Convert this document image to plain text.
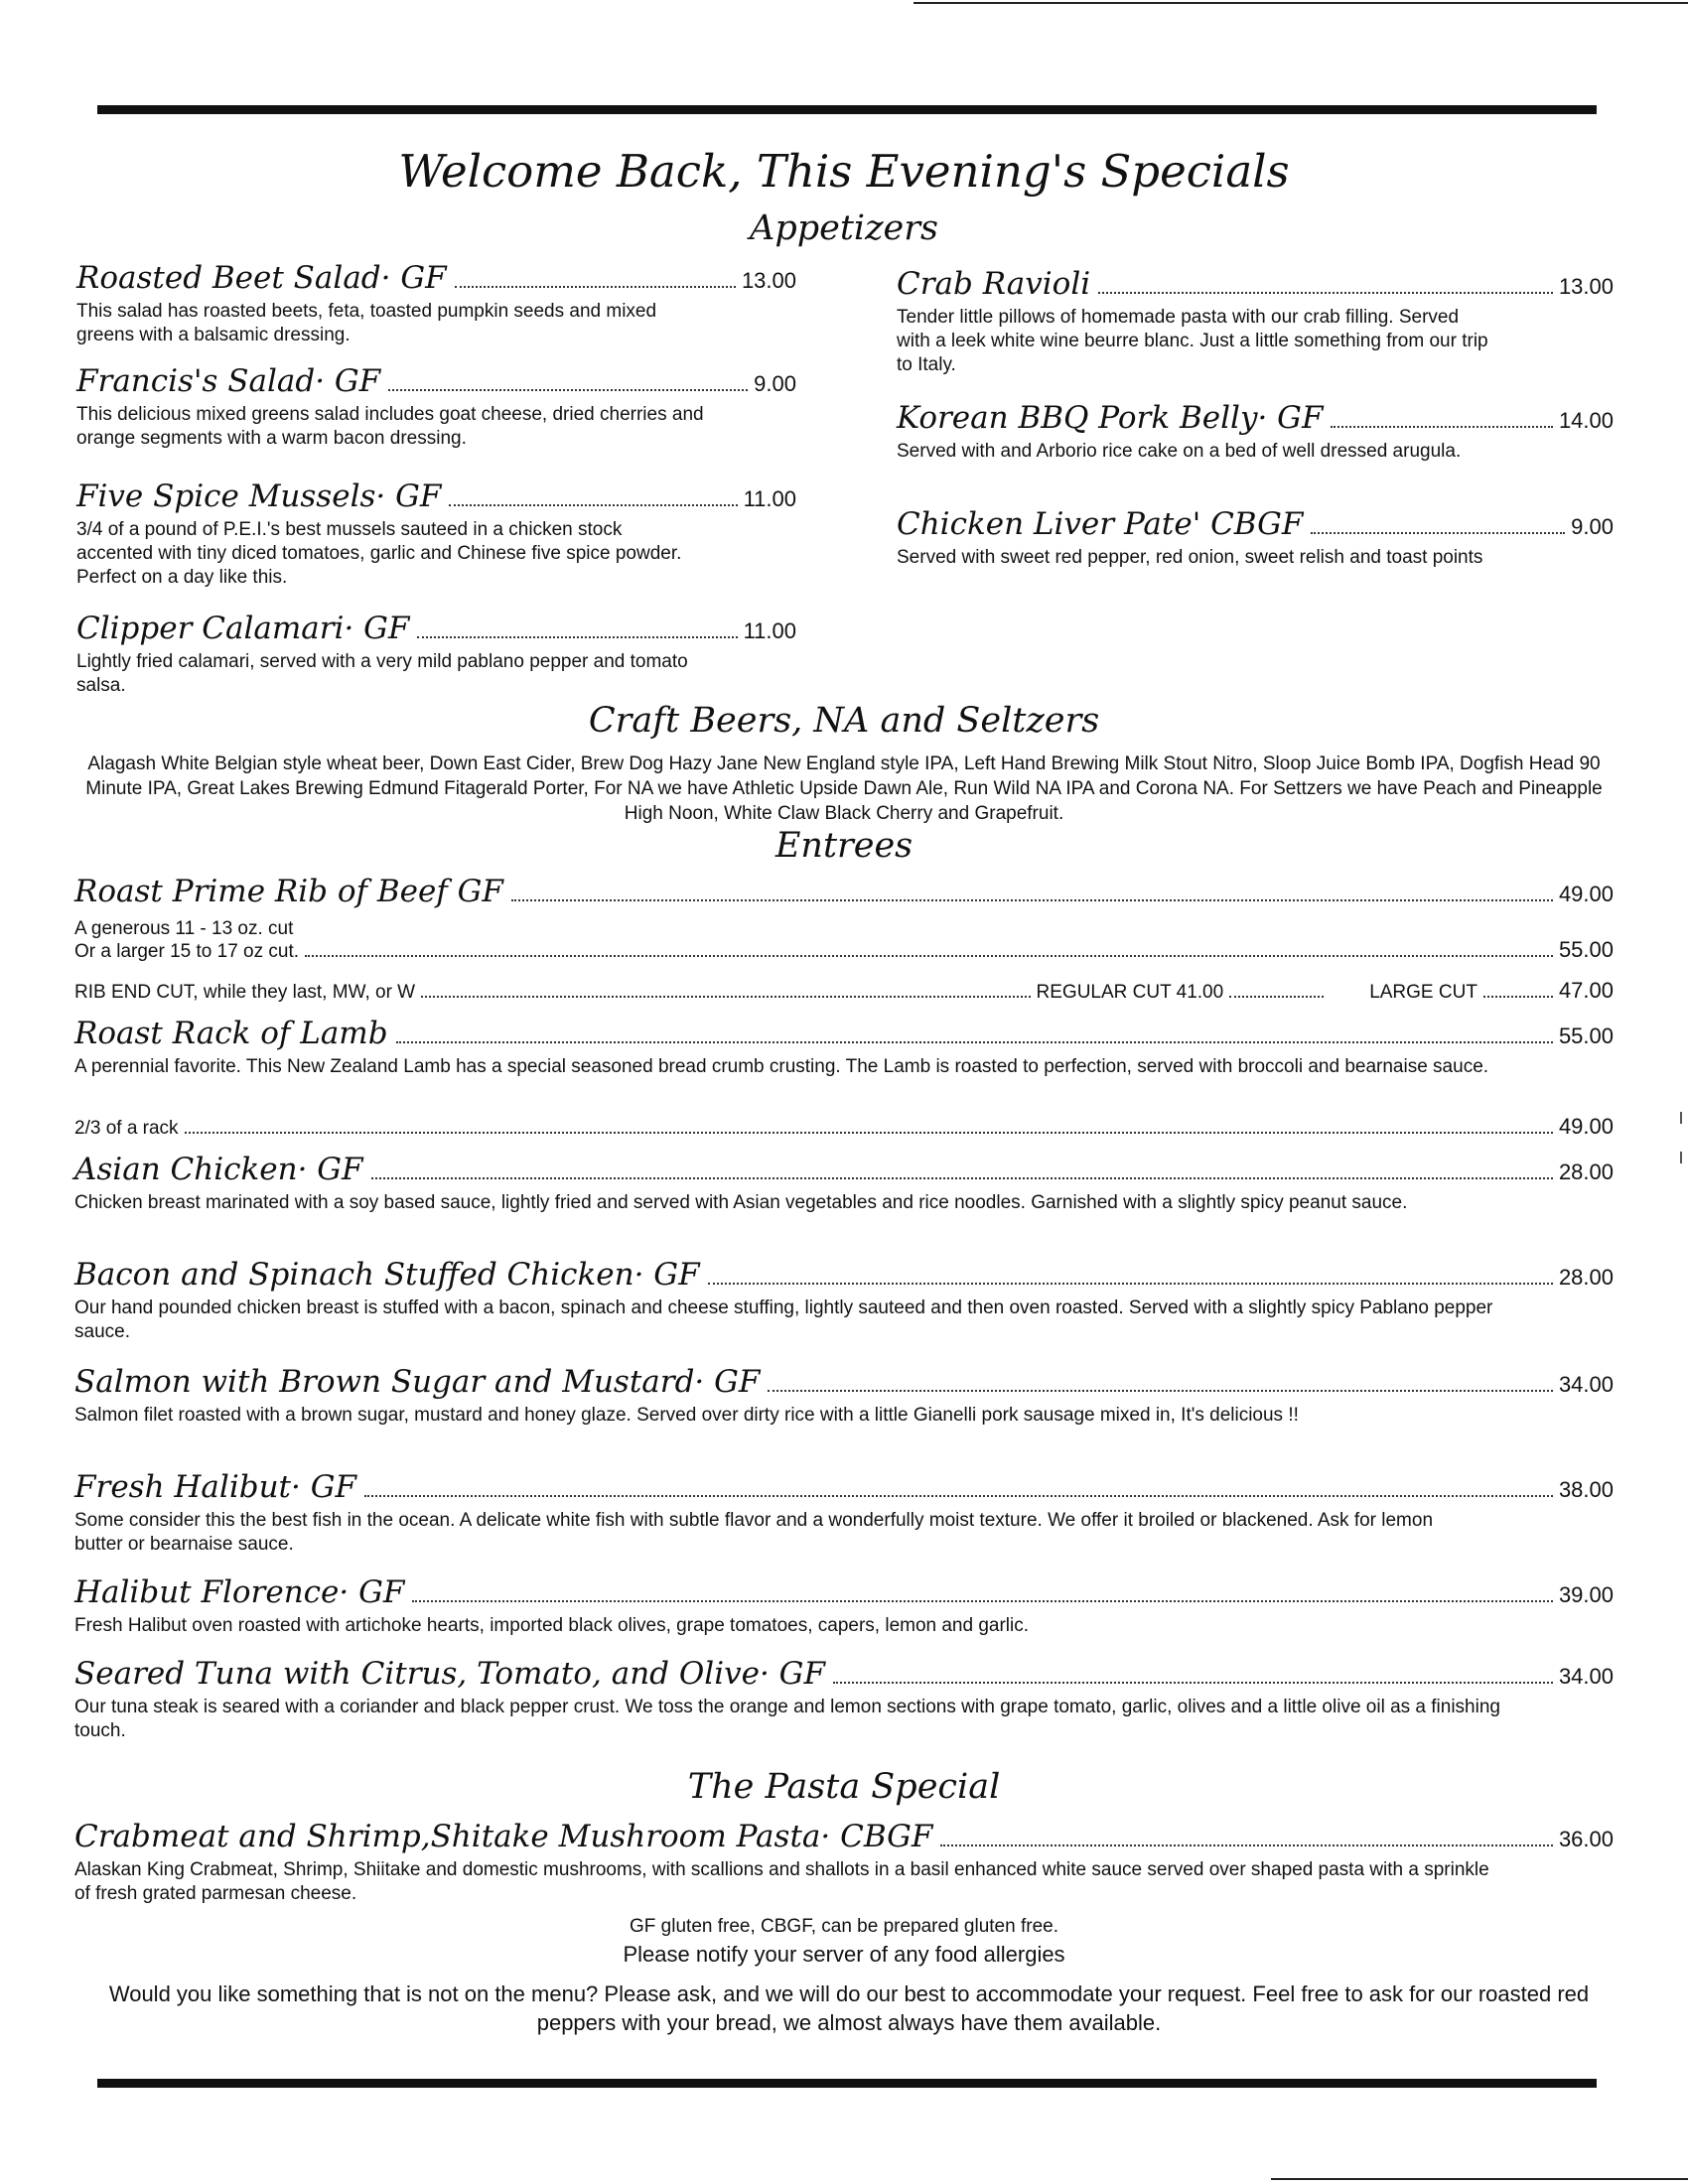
Welcome Back, This Evening's Specials
Appetizers
Roasted Beet Salad· GF	13.00
This salad has roasted beets, feta, toasted pumpkin seeds and mixed greens with a balsamic dressing.
Francis's Salad· GF	9.00
This delicious mixed greens salad includes goat cheese, dried cherries and orange segments with a warm bacon dressing.
Five Spice Mussels· GF	11.00
3/4 of a pound of P.E.I.'s best mussels sauteed in a chicken stock accented with tiny diced tomatoes, garlic and Chinese five spice powder. Perfect on a day like this.
Clipper Calamari· GF	11.00
Lightly fried calamari, served with a very mild pablano pepper and tomato salsa.
Crab Ravioli	13.00
Tender little pillows of homemade pasta with our crab filling. Served with a leek white wine beurre blanc. Just a little something from our trip to Italy.
Korean BBQ Pork Belly· GF	14.00
Served with and Arborio rice cake on a bed of well dressed arugula.
Chicken Liver Pate' CBGF	9.00
Served with sweet red pepper, red onion, sweet relish and toast points
Craft Beers, NA and Seltzers
Alagash White Belgian style wheat beer, Down East Cider, Brew Dog Hazy Jane New England style IPA, Left Hand Brewing Milk Stout Nitro, Sloop Juice Bomb IPA, Dogfish Head 90 Minute IPA, Great Lakes Brewing Edmund Fitagerald Porter, For NA we have Athletic Upside Dawn Ale, Run Wild NA IPA and Corona NA. For Settzers we have Peach and Pineapple High Noon, White Claw Black Cherry and Grapefruit.
Entrees
Roast Prime Rib of Beef GF	49.00
A generous 11 - 13 oz. cut
Or a larger 15 to 17 oz cut.	55.00
RIB END CUT, while they last, MW, or W	REGULAR CUT 41.00	LARGE CUT	47.00
Roast Rack of Lamb	55.00
A perennial favorite. This New Zealand Lamb has a special seasoned bread crumb crusting. The Lamb is roasted to perfection, served with broccoli and bearnaise sauce.
2/3 of a rack	49.00
Asian Chicken· GF	28.00
Chicken breast marinated with a soy based sauce, lightly fried and served with Asian vegetables and rice noodles. Garnished with a slightly spicy peanut sauce.
Bacon and Spinach Stuffed Chicken· GF	28.00
Our hand pounded chicken breast is stuffed with a bacon, spinach and cheese stuffing, lightly sauteed and then oven roasted. Served with a slightly spicy Pablano pepper sauce.
Salmon with Brown Sugar and Mustard· GF	34.00
Salmon filet roasted with a brown sugar, mustard and honey glaze. Served over dirty rice with a little Gianelli pork sausage mixed in, It's delicious !!
Fresh Halibut· GF	38.00
Some consider this the best fish in the ocean. A delicate white fish with subtle flavor and a wonderfully moist texture. We offer it broiled or blackened. Ask for lemon butter or bearnaise sauce.
Halibut Florence· GF	39.00
Fresh Halibut oven roasted with artichoke hearts, imported black olives, grape tomatoes, capers, lemon and garlic.
Seared Tuna with Citrus, Tomato, and Olive· GF	34.00
Our tuna steak is seared with a coriander and black pepper crust. We toss the orange and lemon sections with grape tomato, garlic, olives and a little olive oil as a finishing touch.
The Pasta Special
Crabmeat and Shrimp,Shitake Mushroom Pasta· CBGF	36.00
Alaskan King Crabmeat, Shrimp, Shiitake and domestic mushrooms, with scallions and shallots in a basil enhanced white sauce served over shaped pasta with a sprinkle of fresh grated parmesan cheese.
GF gluten free, CBGF, can be prepared gluten free.
Please notify your server of any food allergies
Would you like something that is not on the menu? Please ask, and we will do our best to accommodate your request. Feel free to ask for our roasted red peppers with your bread, we almost always have them available.
